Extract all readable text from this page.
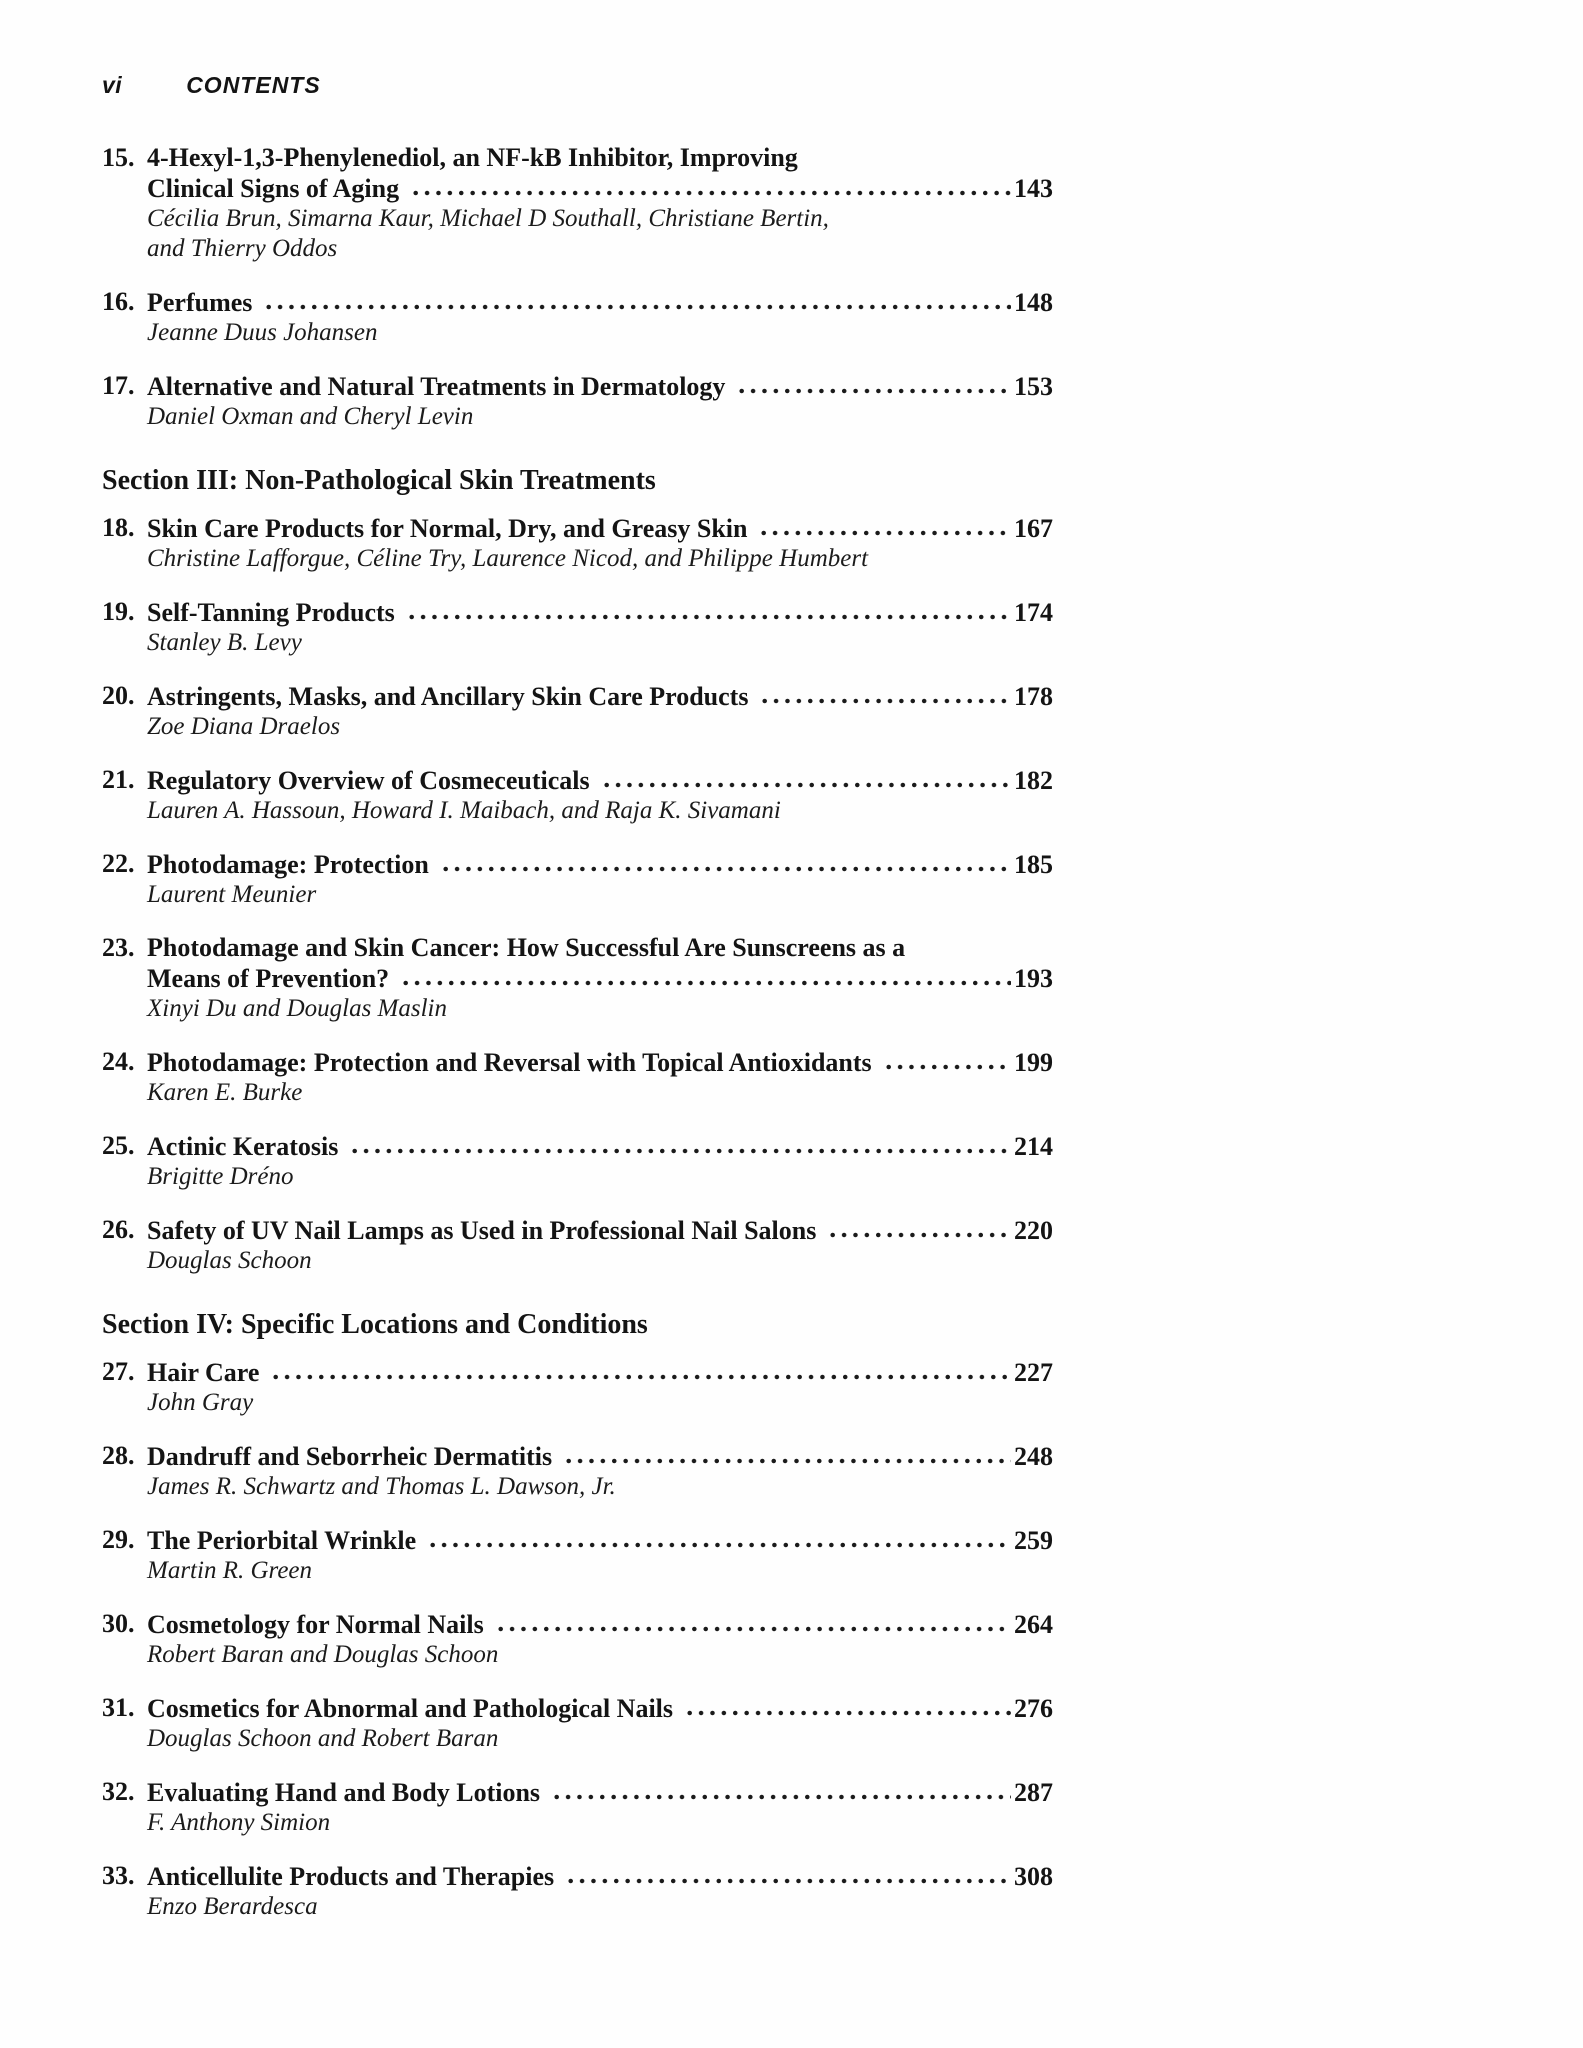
vi	CONTENTS
15. 4-Hexyl-1,3-Phenylenediol, an NF-kB Inhibitor, Improving
Clinical Signs of Aging	143
Cécilia Brun, Simarna Kaur, Michael D Southall, Christiane Bertin,
and Thierry Oddos
16. Perfumes	148
Jeanne Duus Johansen
17. Alternative and Natural Treatments in Dermatology	153
Daniel Oxman and Cheryl Levin
Section III: Non-Pathological Skin Treatments
18. Skin Care Products for Normal, Dry, and Greasy Skin	167
Christine Lafforgue, Céline Try, Laurence Nicod, and Philippe Humbert
19. Self-Tanning Products	174
Stanley B. Levy
20. Astringents, Masks, and Ancillary Skin Care Products	178
Zoe Diana Draelos
21. Regulatory Overview of Cosmeceuticals	182
Lauren A. Hassoun, Howard I. Maibach, and Raja K. Sivamani
22. Photodamage: Protection	185
Laurent Meunier
23. Photodamage and Skin Cancer: How Successful Are Sunscreens as a
Means of Prevention?	193
Xinyi Du and Douglas Maslin
24. Photodamage: Protection and Reversal with Topical Antioxidants	199
Karen E. Burke
25. Actinic Keratosis	214
Brigitte Dréno
26. Safety of UV Nail Lamps as Used in Professional Nail Salons	220
Douglas Schoon
Section IV: Specific Locations and Conditions
27. Hair Care	227
John Gray
28. Dandruff and Seborrheic Dermatitis	248
James R. Schwartz and Thomas L. Dawson, Jr.
29. The Periorbital Wrinkle	259
Martin R. Green
30. Cosmetology for Normal Nails	264
Robert Baran and Douglas Schoon
31. Cosmetics for Abnormal and Pathological Nails	276
Douglas Schoon and Robert Baran
32. Evaluating Hand and Body Lotions	287
F. Anthony Simion
33. Anticellulite Products and Therapies	308
Enzo Berardesca
